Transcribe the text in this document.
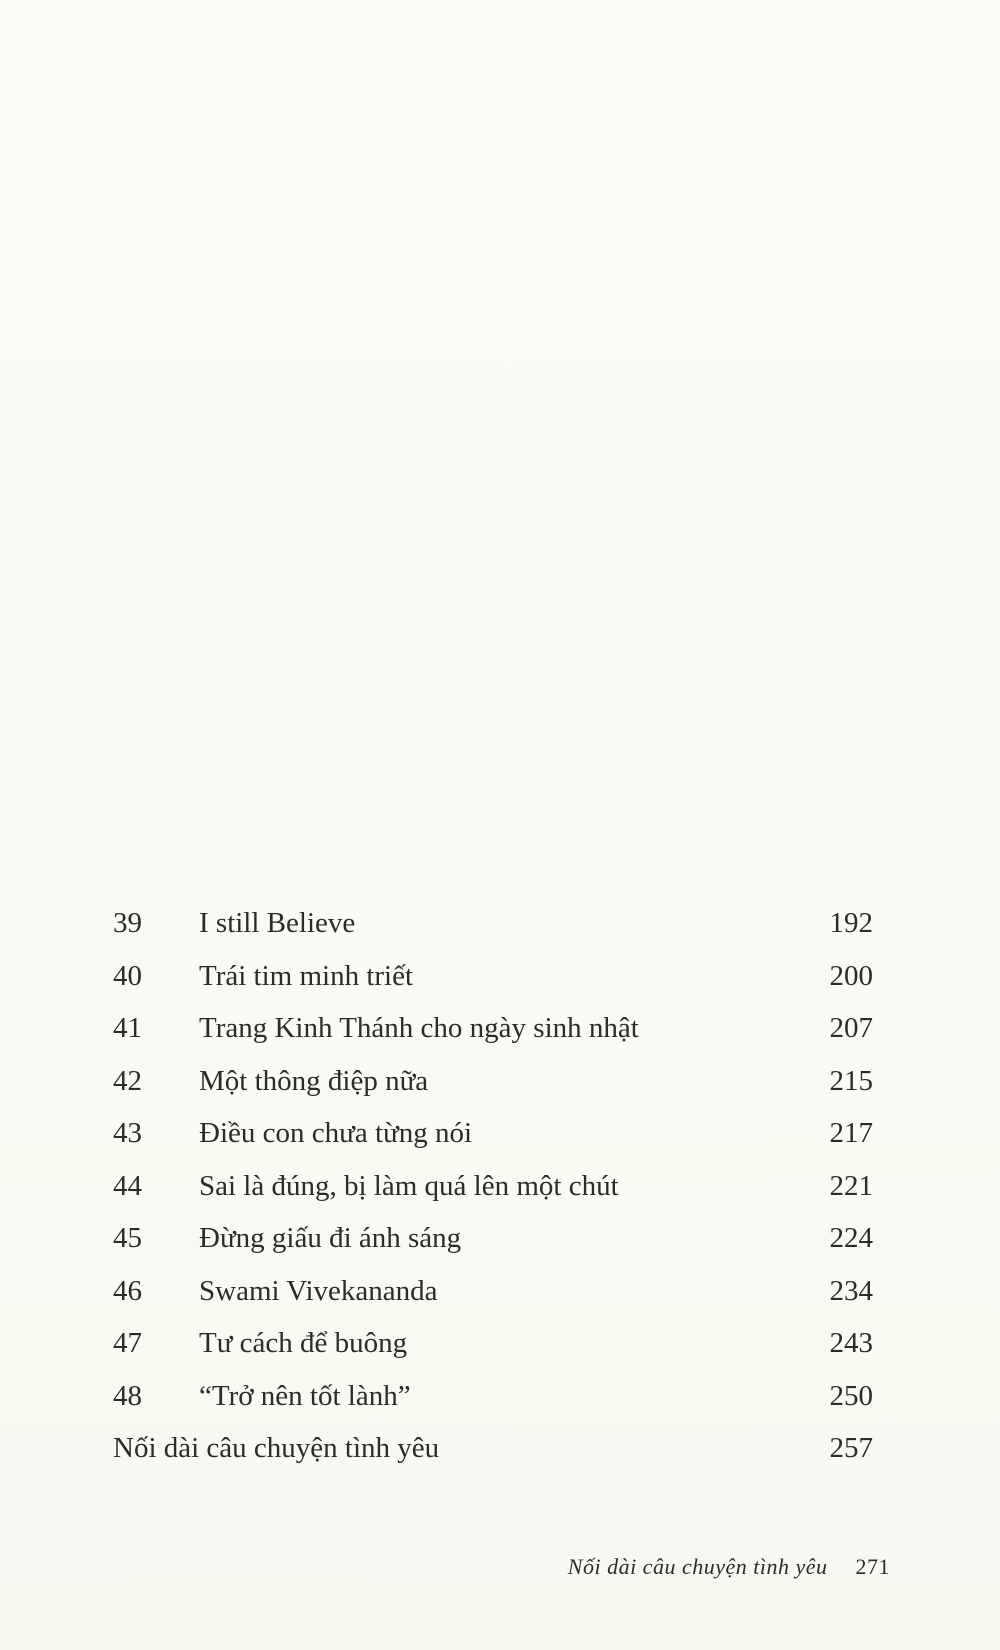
39 I still Believe	192
40 Trái tim minh triết	200
41 Trang Kinh Thánh cho ngày sinh nhật	207
42 Một thông điệp nữa	215
43 Điều con chưa từng nói	217
44 Sai là đúng, bị làm quá lên một chút	221
45 Đừng giấu đi ánh sáng	224
46 Swami Vivekananda	234
47 Tư cách để buông	243
48 “Trở nên tốt lành”	250
Nối dài câu chuyện tình yêu	257
Nối dài câu chuyện tình yêu 271
